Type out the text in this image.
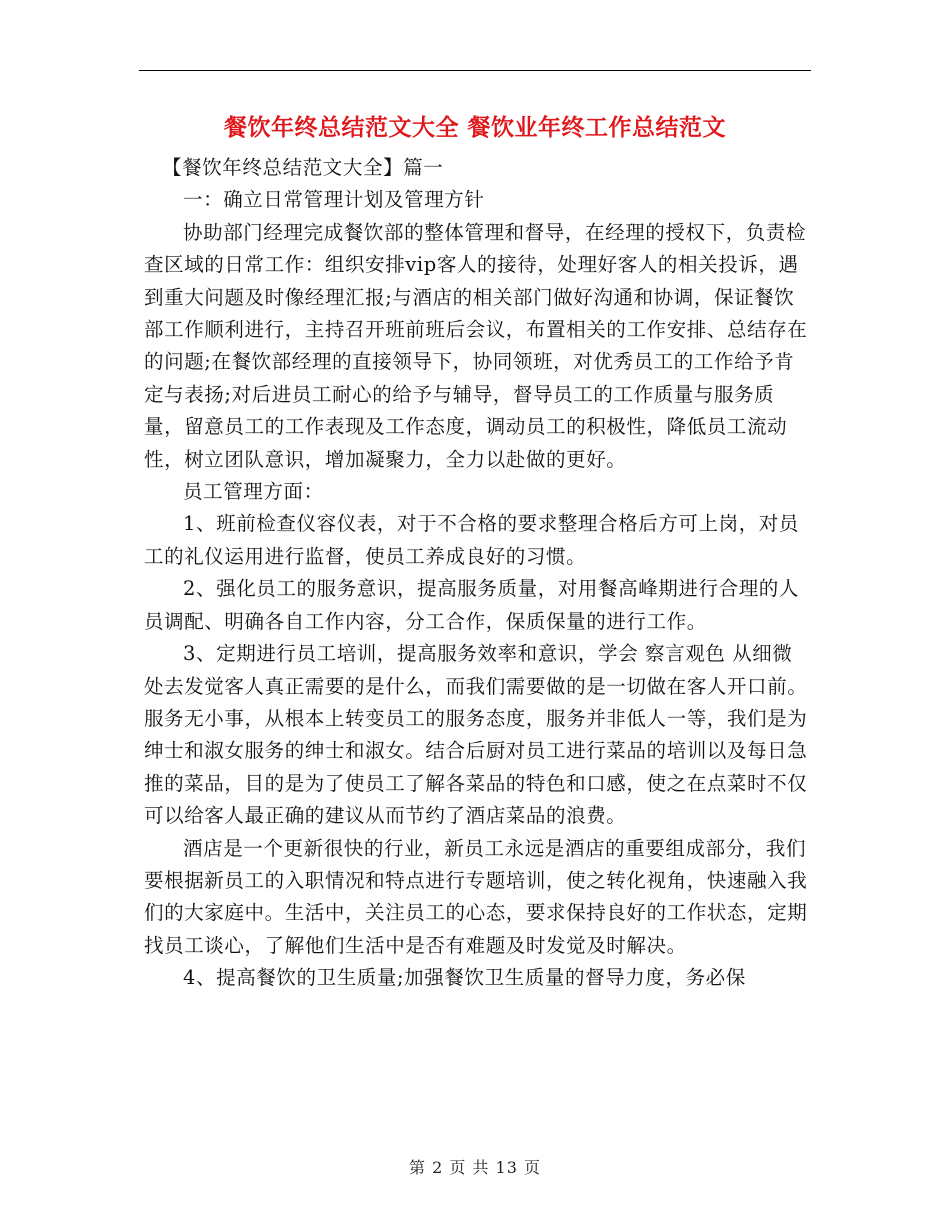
餐饮年终总结范文大全 餐饮业年终工作总结范文

【餐饮年终总结范文大全】篇一

一：确立日常管理计划及管理方针

协助部门经理完成餐饮部的整体管理和督导，在经理的授权下，负责检查区域的日常工作：组织安排vip客人的接待，处理好客人的相关投诉，遇到重大问题及时像经理汇报;与酒店的相关部门做好沟通和协调，保证餐饮部工作顺利进行，主持召开班前班后会议，布置相关的工作安排、总结存在的问题;在餐饮部经理的直接领导下，协同领班，对优秀员工的工作给予肯定与表扬;对后进员工耐心的给予与辅导，督导员工的工作质量与服务质量，留意员工的工作表现及工作态度，调动员工的积极性，降低员工流动性，树立团队意识，增加凝聚力，全力以赴做的更好。

员工管理方面：

1、班前检查仪容仪表，对于不合格的要求整理合格后方可上岗，对员工的礼仪运用进行监督，使员工养成良好的习惯。

2、强化员工的服务意识，提高服务质量，对用餐高峰期进行合理的人员调配、明确各自工作内容，分工合作，保质保量的进行工作。

3、定期进行员工培训，提高服务效率和意识，学会 察言观色 从细微处去发觉客人真正需要的是什么，而我们需要做的是一切做在客人开口前。服务无小事，从根本上转变员工的服务态度，服务并非低人一等，我们是为绅士和淑女服务的绅士和淑女。结合后厨对员工进行菜品的培训以及每日急推的菜品，目的是为了使员工了解各菜品的特色和口感，使之在点菜时不仅可以给客人最正确的建议从而节约了酒店菜品的浪费。

酒店是一个更新很快的行业，新员工永远是酒店的重要组成部分，我们要根据新员工的入职情况和特点进行专题培训，使之转化视角，快速融入我们的大家庭中。生活中，关注员工的心态，要求保持良好的工作状态，定期找员工谈心，了解他们生活中是否有难题及时发觉及时解决。

4、提高餐饮的卫生质量;加强餐饮卫生质量的督导力度，务必保

第 2 页 共 13 页
